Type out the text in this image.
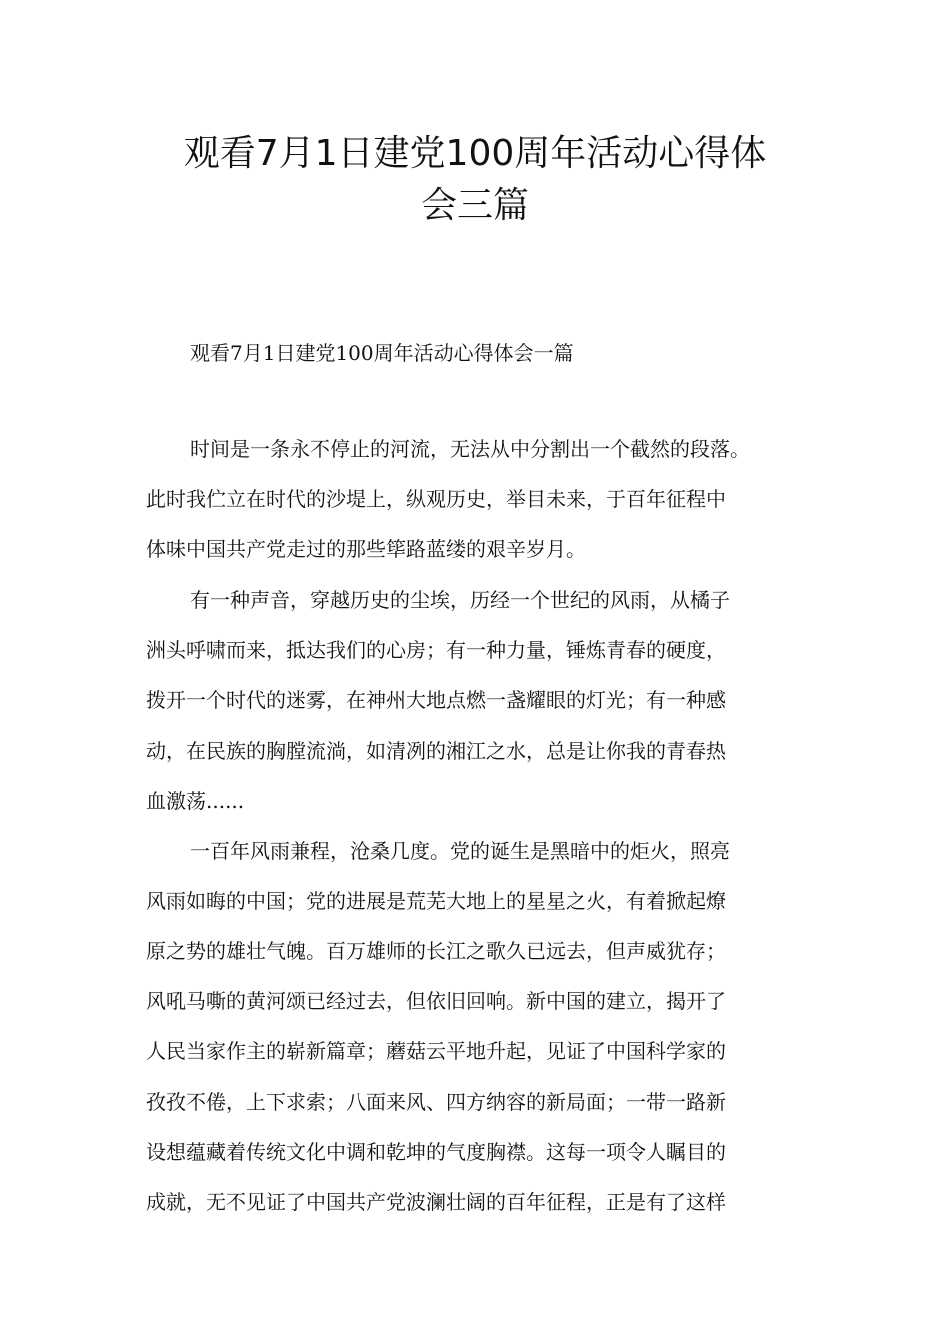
观看7月1日建党100周年活动心得体
会三篇

观看7月1日建党100周年活动心得体会一篇

时间是一条永不停止的河流，无法从中分割出一个截然的段落。

此时我伫立在时代的沙堤上，纵观历史，举目未来，于百年征程中

体味中国共产党走过的那些筚路蓝缕的艰辛岁月。

有一种声音，穿越历史的尘埃，历经一个世纪的风雨，从橘子

洲头呼啸而来，抵达我们的心房；有一种力量，锤炼青春的硬度，

拨开一个时代的迷雾，在神州大地点燃一盏耀眼的灯光；有一种感

动，在民族的胸膛流淌，如清冽的湘江之水，总是让你我的青春热

血激荡......

一百年风雨兼程，沧桑几度。党的诞生是黑暗中的炬火，照亮

风雨如晦的中国；党的进展是荒芜大地上的星星之火，有着掀起燎

原之势的雄壮气魄。百万雄师的长江之歌久已远去，但声威犹存；

风吼马嘶的黄河颂已经过去，但依旧回响。新中国的建立，揭开了

人民当家作主的崭新篇章；蘑菇云平地升起，见证了中国科学家的

孜孜不倦，上下求索；八面来风、四方纳容的新局面；一带一路新

设想蕴藏着传统文化中调和乾坤的气度胸襟。这每一项令人瞩目的

成就，无不见证了中国共产党波澜壮阔的百年征程，正是有了这样
